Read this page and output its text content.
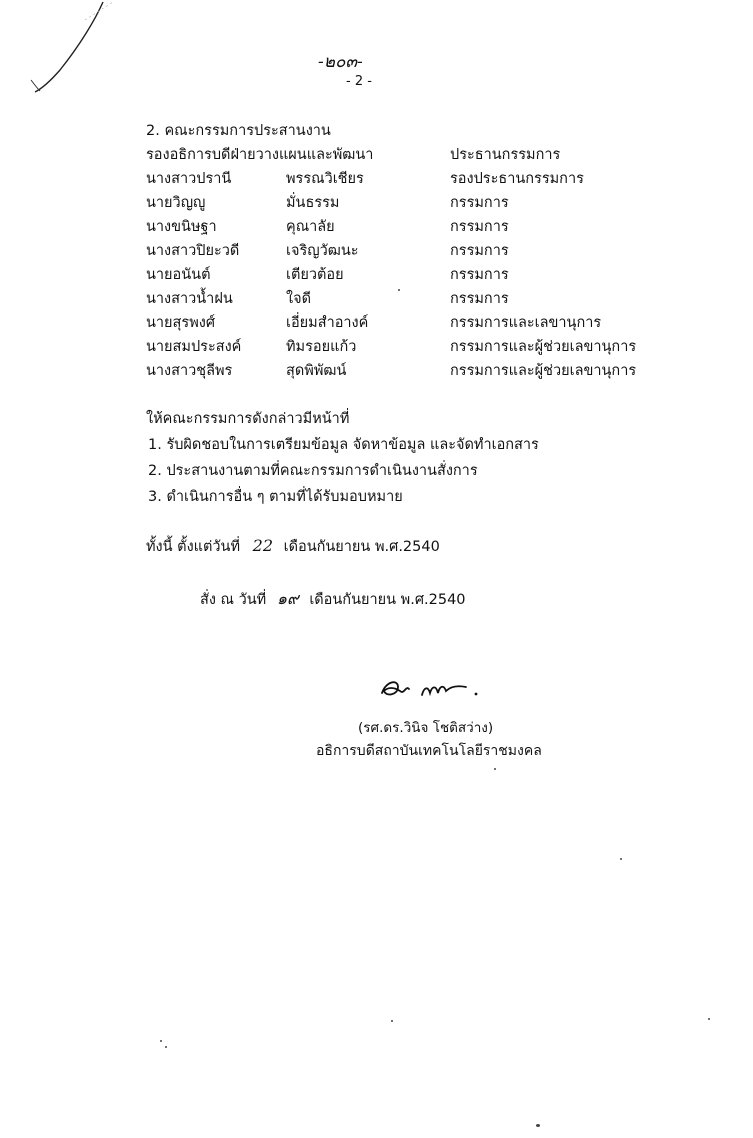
-๒๐๓-
- 2 -
2. คณะกรรมการประสานงาน
รองอธิการบดีฝ่ายวางแผนและพัฒนา	ประธานกรรมการ
นางสาวปรานี	พรรณวิเชียร	รองประธานกรรมการ
นายวิญญู	มั่นธรรม	กรรมการ
นางขนิษฐา	คุณาลัย	กรรมการ
นางสาวปิยะวดี	เจริญวัฒนะ	กรรมการ
นายอนันต์	เตียวต้อย	กรรมการ
นางสาวน้ำฝน	ใจดี	กรรมการ
นายสุรพงศ์	เอี่ยมสำอางค์	กรรมการและเลขานุการ
นายสมประสงค์	ทิมรอยแก้ว	กรรมการและผู้ช่วยเลขานุการ
นางสาวชุลีพร	สุดพิพัฒน์	กรรมการและผู้ช่วยเลขานุการ
ให้คณะกรรมการดังกล่าวมีหน้าที่
1. รับผิดชอบในการเตรียมข้อมูล จัดหาข้อมูล และจัดทำเอกสาร
2. ประสานงานตามที่คณะกรรมการดำเนินงานสั่งการ
3. ดำเนินการอื่น ๆ ตามที่ได้รับมอบหมาย
ทั้งนี้ ตั้งแต่วันที่ 22 เดือนกันยายน พ.ศ.2540
สั่ง ณ วันที่ ๑๙ เดือนกันยายน พ.ศ.2540
(รศ.ดร.วินิจ โชติสว่าง)
อธิการบดีสถาบันเทคโนโลยีราชมงคล
